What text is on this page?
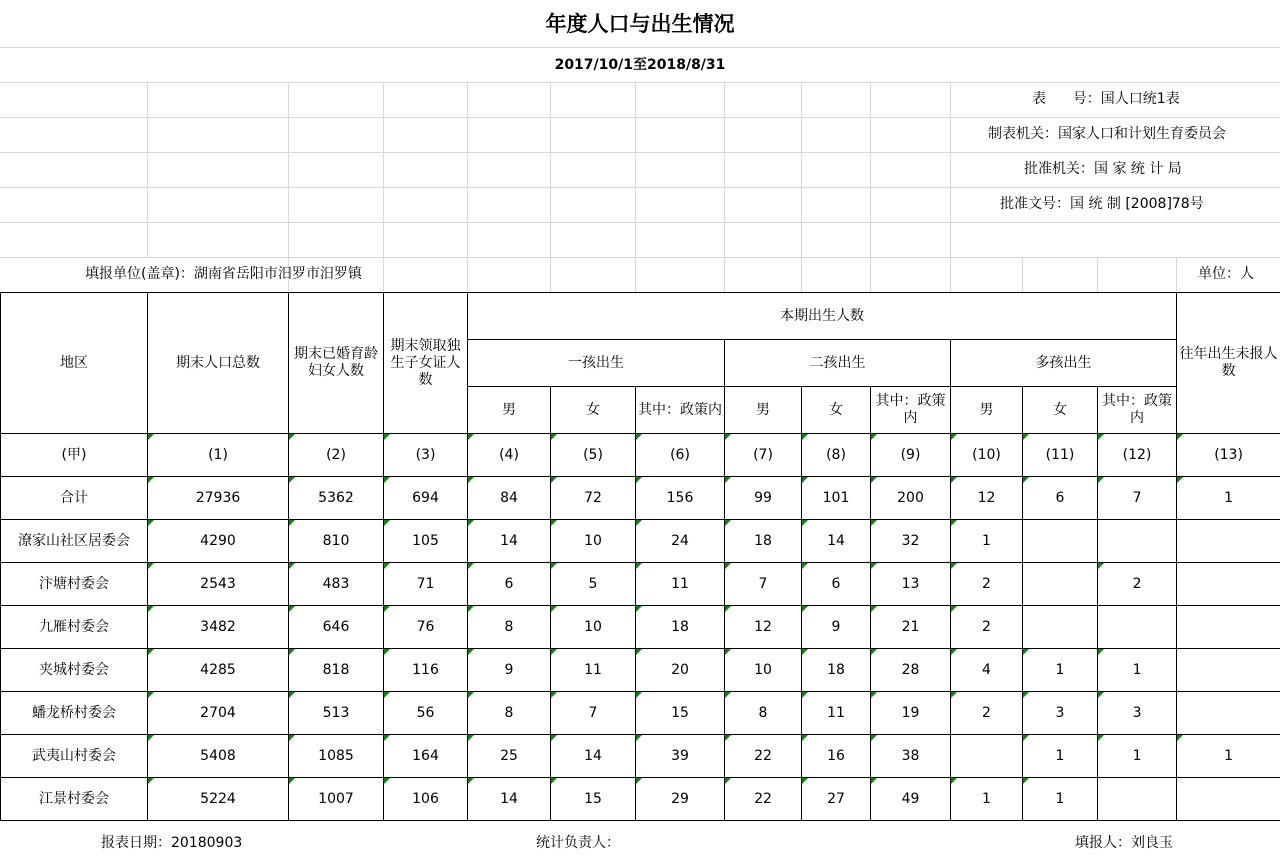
年度人口与出生情况
2017/10/1至2018/8/31
表      号：国人口统1表
制表机关：国家人口和计划生育委员会
批准机关：国 家 统 计 局
批准文号：国 统 制 [2008]78号
填报单位(盖章)：湖南省岳阳市汨罗市汨罗镇	单位：人
地区	期末人口总数	期末已婚育龄妇女人数	期末领取独生子女证人数	本期出生人数									往年出生未报人数
				一孩出生			二孩出生			多孩出生			
				男	女	其中：政策内	男	女	其中：政策内	男	女	其中：政策内	
(甲)	(1)	(2)	(3)	(4)	(5)	(6)	(7)	(8)	(9)	(10)	(11)	(12)	(13)
合计	27936	5362	694	84	72	156	99	101	200	12	6	7	1
潦家山社区居委会	4290	810	105	14	10	24	18	14	32	1			
汴塘村委会	2543	483	71	6	5	11	7	6	13	2		2	
九雁村委会	3482	646	76	8	10	18	12	9	21	2			
夹城村委会	4285	818	116	9	11	20	10	18	28	4	1	1	
蟠龙桥村委会	2704	513	56	8	7	15	8	11	19	2	3	3	
武夷山村委会	5408	1085	164	25	14	39	22	16	38		1	1	1
江景村委会	5224	1007	106	14	15	29	22	27	49	1	1		
报表日期：20180903	统计负责人：	填报人：刘良玉
